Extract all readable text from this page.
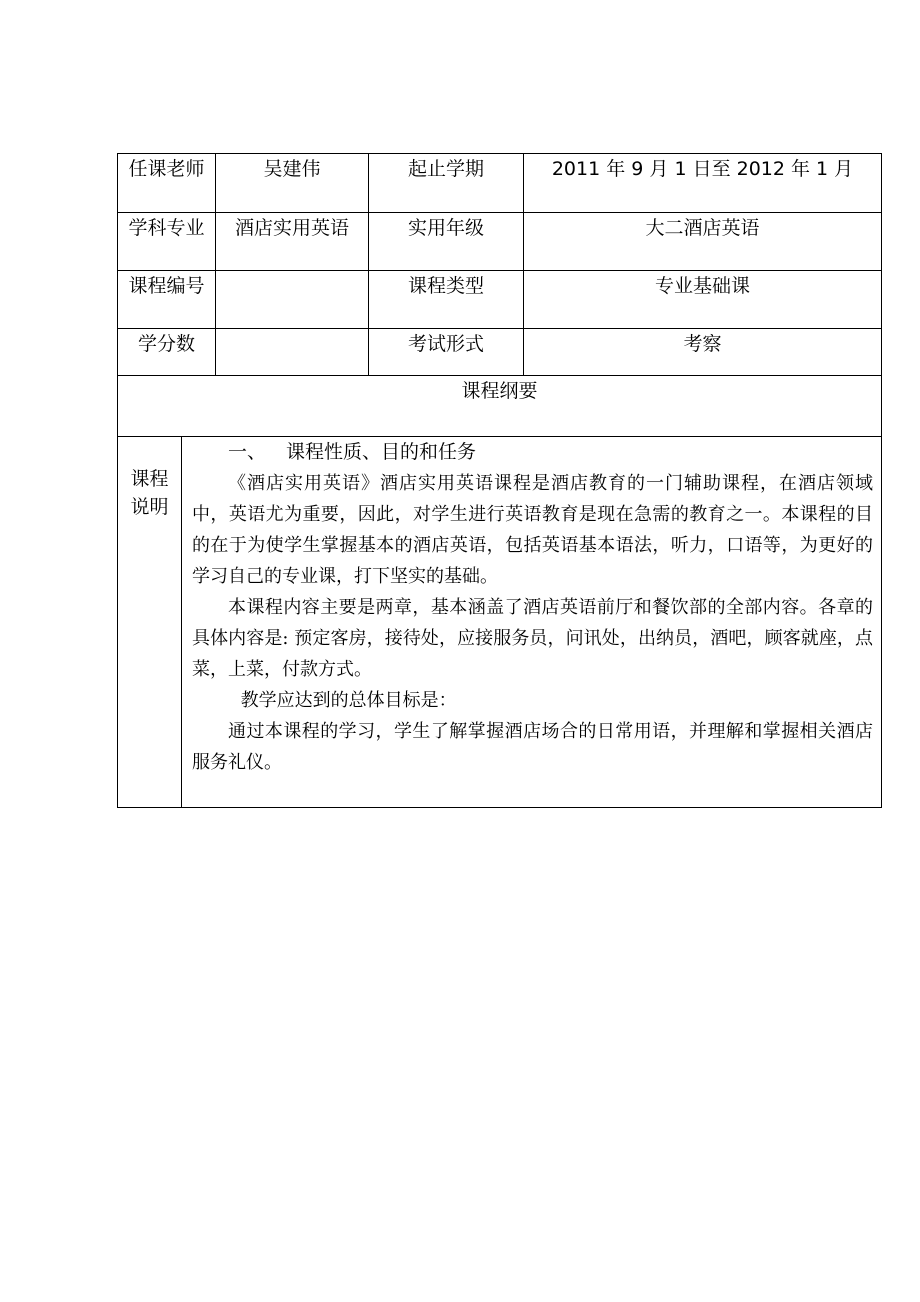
任课老师		吴建伟	起止学期	2011 年 9 月 1 日至 2012 年 1 月

学科专业		酒店实用英语	实用年级	大二酒店英语

课程编号			课程类型	专业基础课

学分数			考试形式	考察

课程纲要				

课程说明	一、 课程性质、目的和任务

《酒店实用英语》酒店实用英语课程是酒店教育的一门辅助课程，在酒店领域中，英语尤为重要，因此，对学生进行英语教育是现在急需的教育之一。本课程的目的在于为使学生掌握基本的酒店英语，包括英语基本语法，听力，口语等，为更好的学习自己的专业课，打下坚实的基础。

本课程内容主要是两章，基本涵盖了酒店英语前厅和餐饮部的全部内容。各章的具体内容是: 预定客房，接待处，应接服务员，问讯处，出纳员，酒吧，顾客就座，点菜，上菜，付款方式。

教学应达到的总体目标是：

通过本课程的学习，学生了解掌握酒店场合的日常用语，并理解和掌握相关酒店服务礼仪。			
